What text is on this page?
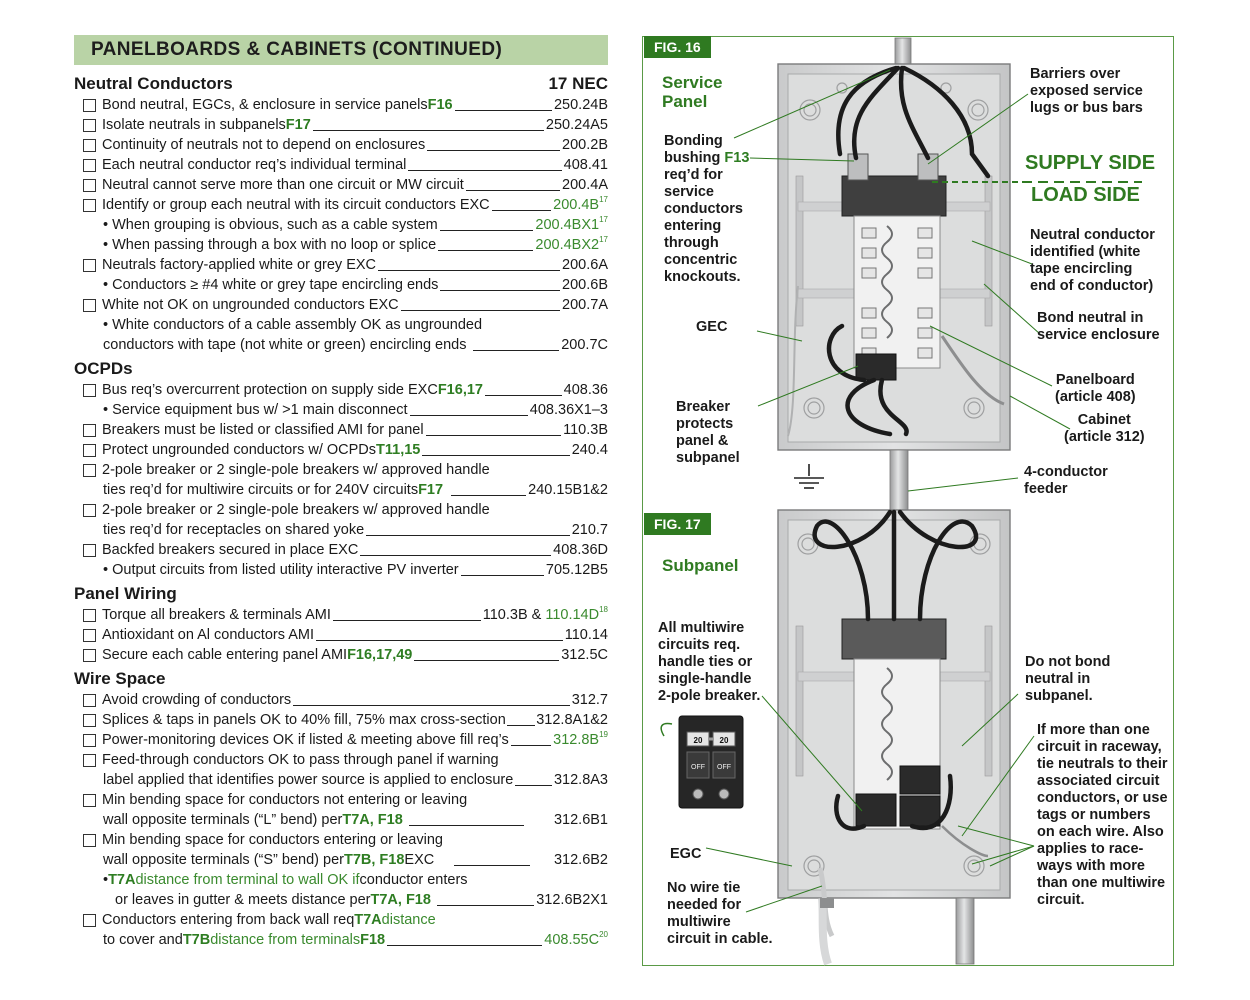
PANELBOARDS & CABINETS (CONTINUED)
Neutral Conductors	17 NEC
Bond neutral, EGCs, & enclosure in service panels F16	250.24B
Isolate neutrals in subpanels F17	250.24A5
Continuity of neutrals not to depend on enclosures	200.2B
Each neutral conductor req’s individual terminal	408.41
Neutral cannot serve more than one circuit or MW circuit	200.4A
Identify or group each neutral with its circuit conductors EXC	$200.4B^{17}$
• When grouping is obvious, such as a cable system	$200.4BX1^{17}$
• When passing through a box with no loop or splice	$200.4BX2^{17}$
Neutrals factory-applied white or grey EXC	200.6A
• Conductors ≥ #4 white or grey tape encircling ends	200.6B
White not OK on ungrounded conductors EXC	200.7A
• White conductors of a cable assembly OK as ungrounded
conductors with tape (not white or green) encircling ends	200.7C
OCPDs
Bus req’s overcurrent protection on supply side EXC F16,17	408.36
• Service equipment bus w/ >1 main disconnect	408.36X1–3
Breakers must be listed or classified AMI for panel	110.3B
Protect ungrounded conductors w/ OCPDs T11,15	240.4
2-pole breaker or 2 single-pole breakers w/ approved handle
ties req’d for multiwire circuits or for 240V circuits F17	240.15B1&2
2-pole breaker or 2 single-pole breakers w/ approved handle
ties req’d for receptacles on shared yoke	210.7
Backfed breakers secured in place EXC	408.36D
• Output circuits from listed utility interactive PV inverter	705.12B5
Panel Wiring
Torque all breakers & terminals AMI	110.3B & $110.14D^{18}$
Antioxidant on Al conductors AMI	110.14
Secure each cable entering panel AMI F16,17,49	312.5C
Wire Space
Avoid crowding of conductors	312.7
Splices & taps in panels OK to 40% fill, 75% max cross-section 312.8A1&2
Power-monitoring devices OK if listed & meeting above fill req’s	$312.8B^{19}$
Feed-through conductors OK to pass through panel if warning
label applied that identifies power source is applied to enclosure	312.8A3
Min bending space for conductors not entering or leaving
wall opposite terminals (“L” bend) per T7A, F18	312.6B1
Min bending space for conductors entering or leaving
wall opposite terminals (“S” bend) per T7B, F18 EXC	312.6B2
• T7A distance from terminal to wall OK if conductor enters
or leaves in gutter & meets distance per T7A, F18	312.6B2X1
Conductors entering from back wall req T7A distance
to cover and T7B distance from terminals F18	$408.55C^{20}$
20 20
OFF OFF
FIG. 16
Service
Panel
Barriers over
exposed service
lugs or bus bars
Bonding
bushing F13
req’d for
service
conductors
entering
through
concentric
knockouts.
SUPPLY SIDE
LOAD SIDE
Neutral conductor
identified (white
tape encircling
end of conductor)
GEC
Bond neutral in
service enclosure
Panelboard
(article 408)
Cabinet
(article 312)
Breaker
protects
panel &
subpanel
4-conductor
feeder
FIG. 17
Subpanel
All multiwire
circuits req.
handle ties or
single-handle
2-pole breaker.
Do not bond
neutral in
subpanel.
If more than one
circuit in raceway,
tie neutrals to their
associated circuit
conductors, or use
tags or numbers
on each wire. Also
applies to race-
ways with more
than one multiwire
circuit.
EGC
No wire tie
needed for
multiwire
circuit in cable.
